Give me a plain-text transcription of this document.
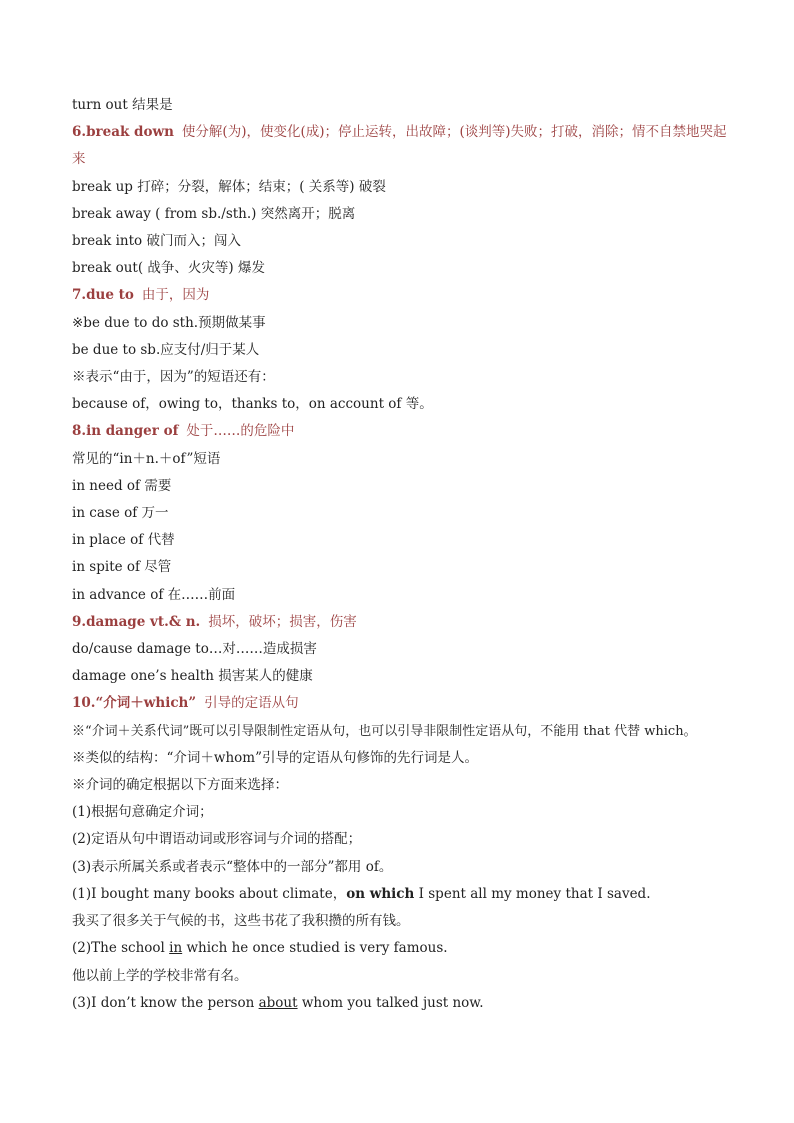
turn out 结果是
6.break down 使分解(为)，使变化(成)；停止运转，出故障；(谈判等)失败；打破，消除；情不自禁地哭起来
break up 打碎；分裂，解体；结束；( 关系等) 破裂
break away ( from sb./sth.) 突然离开；脱离
break into 破门而入；闯入
break out( 战争、火灾等) 爆发
7.due to 由于，因为
※be due to do sth.预期做某事
be due to sb.应支付/归于某人
※表示“由于，因为”的短语还有：
because of，owing to，thanks to，on account of 等。
8.in danger of 处于……的危险中
常见的“in＋n.＋of”短语
in need of 需要
in case of 万一
in place of 代替
in spite of 尽管
in advance of 在……前面
9.damage vt.& n. 损坏，破坏；损害，伤害
do/cause damage to…对……造成损害
damage one’s health 损害某人的健康
10.“介词＋which” 引导的定语从句
※“介词＋关系代词”既可以引导限制性定语从句，也可以引导非限制性定语从句，不能用 that 代替 which。
※类似的结构：“介词＋whom”引导的定语从句修饰的先行词是人。
※介词的确定根据以下方面来选择：
(1)根据句意确定介词；
(2)定语从句中谓语动词或形容词与介词的搭配；
(3)表示所属关系或者表示“整体中的一部分”都用 of。
(1)I bought many books about climate，on which I spent all my money that I saved.
我买了很多关于气候的书，这些书花了我积攒的所有钱。
(2)The school in which he once studied is very famous.
他以前上学的学校非常有名。
(3)I don’t know the person about whom you talked just now.
